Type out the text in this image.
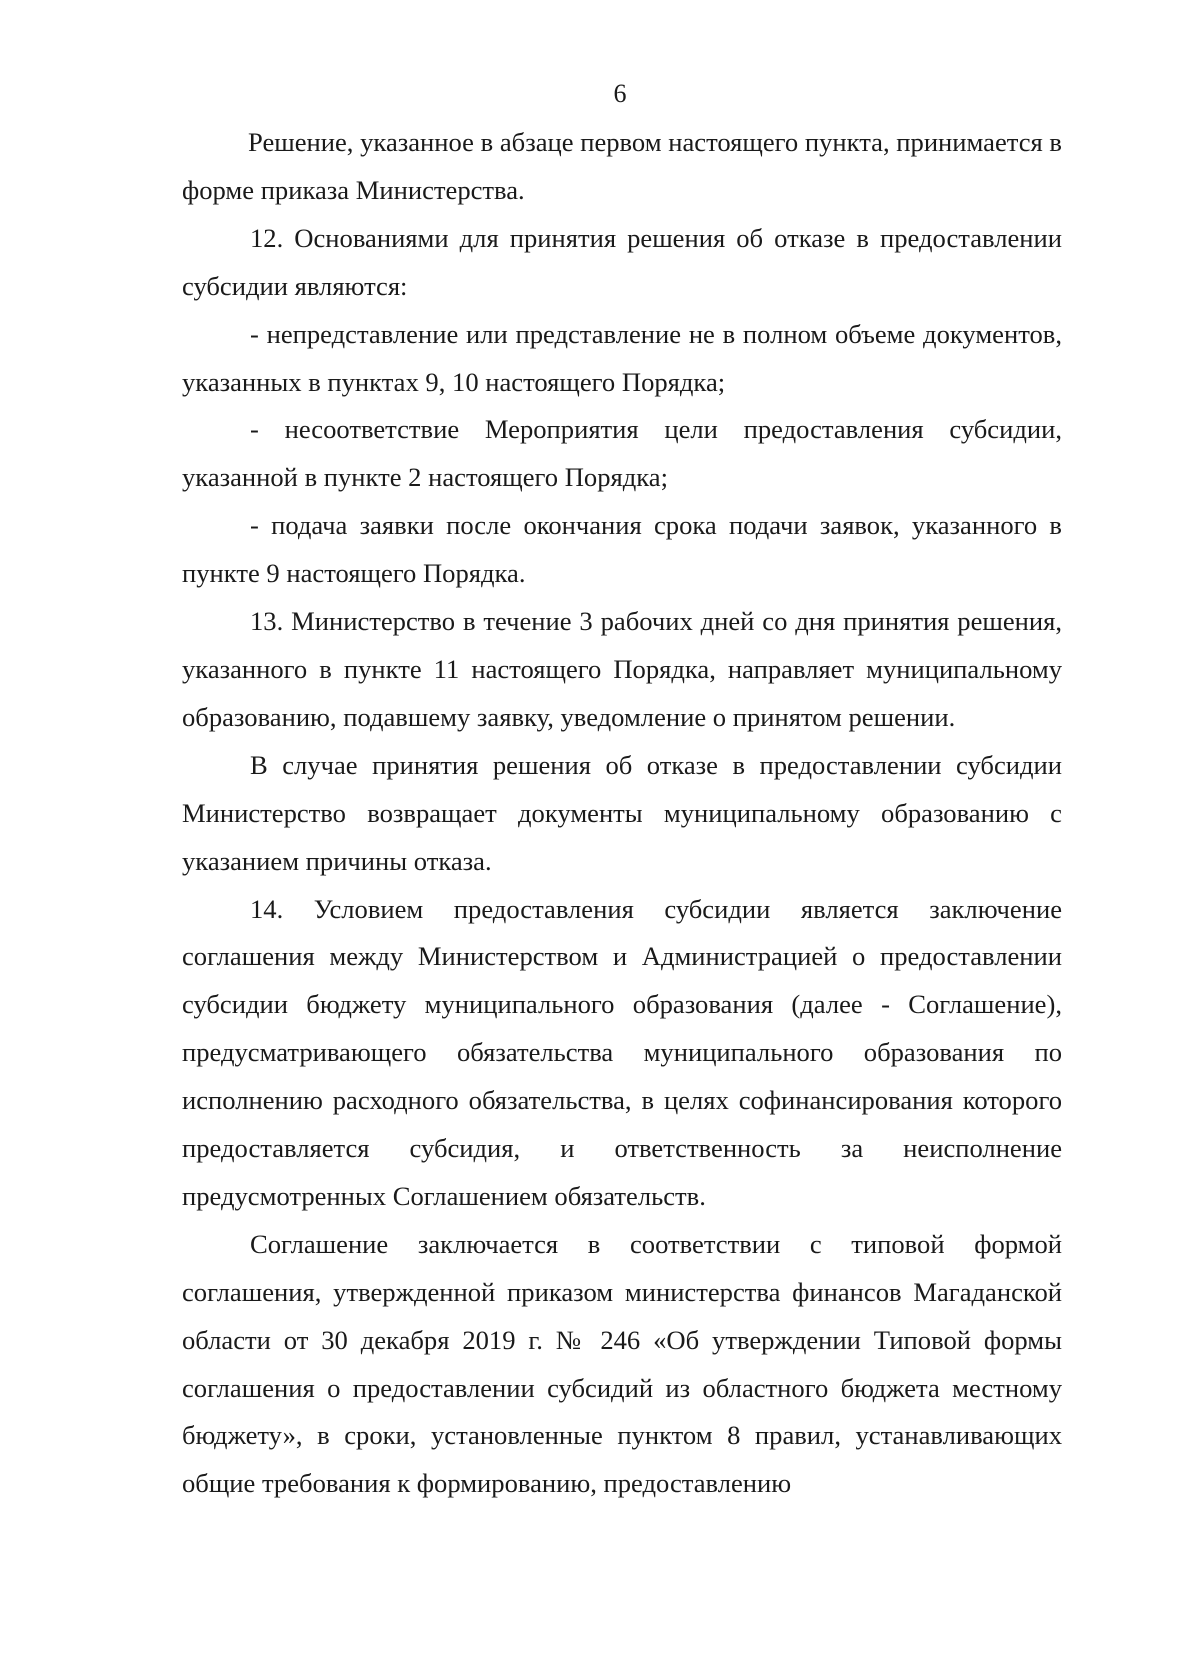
6

Решение, указанное в абзаце первом настоящего пункта, принимается в форме приказа Министерства.

12. Основаниями для принятия решения об отказе в предоставлении субсидии являются:

- непредставление или представление не в полном объеме документов, указанных в пунктах 9, 10 настоящего Порядка;

- несоответствие Мероприятия цели предоставления субсидии, указанной в пункте 2 настоящего Порядка;

- подача заявки после окончания срока подачи заявок, указанного в пункте 9 настоящего Порядка.

13. Министерство в течение 3 рабочих дней со дня принятия решения, указанного в пункте 11 настоящего Порядка, направляет муниципальному образованию, подавшему заявку, уведомление о принятом решении.

В случае принятия решения об отказе в предоставлении субсидии Министерство возвращает документы муниципальному образованию с указанием причины отказа.

14. Условием предоставления субсидии является заключение соглашения между Министерством и Администрацией о предоставлении субсидии бюджету муниципального образования (далее - Соглашение), предусматривающего обязательства муниципального образования по исполнению расходного обязательства, в целях софинансирования которого предоставляется субсидия, и ответственность за неисполнение предусмотренных Соглашением обязательств.

Соглашение заключается в соответствии с типовой формой соглашения, утвержденной приказом министерства финансов Магаданской области от 30 декабря 2019 г. № 246 «Об утверждении Типовой формы соглашения о предоставлении субсидий из областного бюджета местному бюджету», в сроки, установленные пунктом 8 правил, устанавливающих общие требования к формированию, предоставлению
